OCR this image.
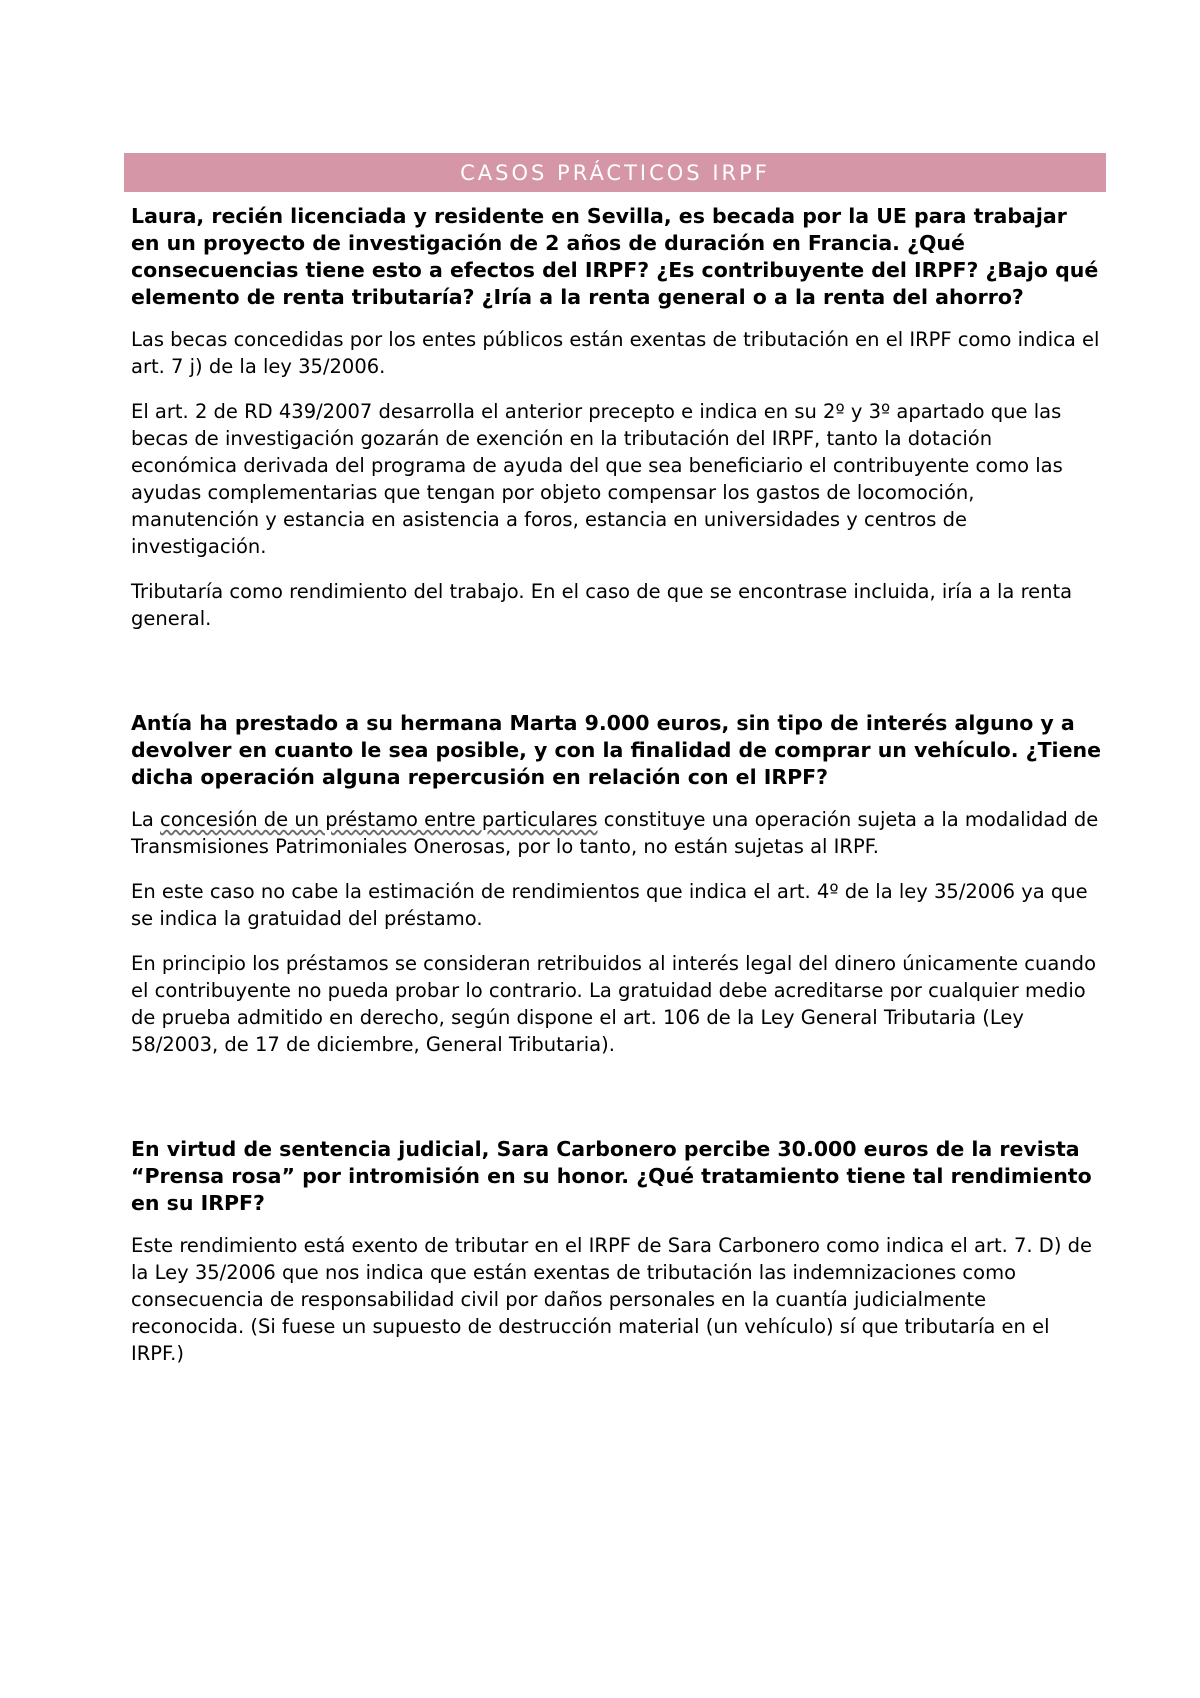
CASOS PRÁCTICOS IRPF

Laura, recién licenciada y residente en Sevilla, es becada por la UE para trabajar en un proyecto de investigación de 2 años de duración en Francia. ¿Qué consecuencias tiene esto a efectos del IRPF? ¿Es contribuyente del IRPF? ¿Bajo qué elemento de renta tributaría? ¿Iría a la renta general o a la renta del ahorro?

Las becas concedidas por los entes públicos están exentas de tributación en el IRPF como indica el art. 7 j) de la ley 35/2006.

El art. 2 de RD 439/2007 desarrolla el anterior precepto e indica en su 2º y 3º apartado que las becas de investigación gozarán de exención en la tributación del IRPF, tanto la dotación económica derivada del programa de ayuda del que sea beneficiario el contribuyente como las ayudas complementarias que tengan por objeto compensar los gastos de locomoción, manutención y estancia en asistencia a foros, estancia en universidades y centros de investigación.

Tributaría como rendimiento del trabajo. En el caso de que se encontrase incluida, iría a la renta general.

Antía ha prestado a su hermana Marta 9.000 euros, sin tipo de interés alguno y a devolver en cuanto le sea posible, y con la finalidad de comprar un vehículo. ¿Tiene dicha operación alguna repercusión en relación con el IRPF?

La concesión de un préstamo entre particulares constituye una operación sujeta a la modalidad de Transmisiones Patrimoniales Onerosas, por lo tanto, no están sujetas al IRPF.

En este caso no cabe la estimación de rendimientos que indica el art. 4º de la ley 35/2006 ya que se indica la gratuidad del préstamo.

En principio los préstamos se consideran retribuidos al interés legal del dinero únicamente cuando el contribuyente no pueda probar lo contrario. La gratuidad debe acreditarse por cualquier medio de prueba admitido en derecho, según dispone el art. 106 de la Ley General Tributaria (Ley 58/2003, de 17 de diciembre, General Tributaria).

En virtud de sentencia judicial, Sara Carbonero percibe 30.000 euros de la revista “Prensa rosa” por intromisión en su honor. ¿Qué tratamiento tiene tal rendimiento en su IRPF?

Este rendimiento está exento de tributar en el IRPF de Sara Carbonero como indica el art. 7. D) de la Ley 35/2006 que nos indica que están exentas de tributación las indemnizaciones como consecuencia de responsabilidad civil por daños personales en la cuantía judicialmente reconocida. (Si fuese un supuesto de destrucción material (un vehículo) sí que tributaría en el IRPF.)
